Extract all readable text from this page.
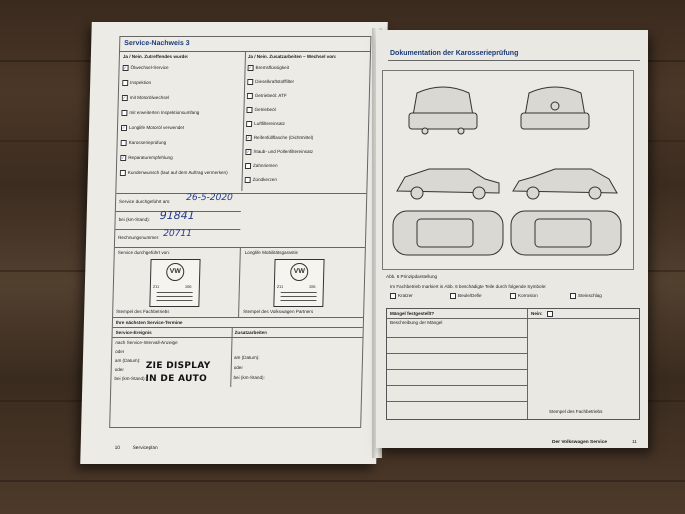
Service-Nachweis 3
Ja / Nein. Zutreffendes wurde:	Ja / Nein. Zusatzarbeiten – Wechsel von:
✓ Ölwechsel-Service
Inspektion
✓ mit Motorölwechsel
mit erweiterten Inspektionsumfang
✓ Longlife Motoröl verwendet
Karosserieprüfung
✓ Reparaturempfehlung
Kundenwunsch (laut auf dem Auftrag vermerken)
✓ Bremsflüssigkeit
Dieselkraftstofffilter
Getriebeöl: ATF
Getriebeöl
Luftfiltereinsatz
✓ Reifenfüllflasche (Dichtmittel)
✓ Staub- und Pollenfiltereinsatz
Zahnriemen
Zündkerzen
Service durchgeführt am: 26-5-2020
bei (km-Stand): 91841
Rechnungsnummer: 20711
Service durchgeführt von:	Longlife Mobilitätsgarantie
VW
211	106
​
VW
211	106
Stempel des Fachbetriebs	Stempel des Volkswagen Partners
Ihre nächsten Service-Termine
Service-Ereignis	Zusatzarbeiten
nach Service-Intervall-Anzeige
oder
am (Datum):
oder
bei (km-Stand):
am (Datum):
oder
bei (km-Stand):
ZIE DISPLAY
IN DE AUTO
10	Serviceplan
Dokumentation der Karosserieprüfung
Abb. 6 Prinzipdarstellung
Im Fachbetrieb markiert in Abb. 6 beschädigte Teile durch folgende Symbole:
Kratzer	Beule/Delle	Korrosion	Steinschlag
Mängel festgestellt?	Nein:
Beschreibung der Mängel
Stempel des Fachbetriebs
Der Volkswagen Service	11
